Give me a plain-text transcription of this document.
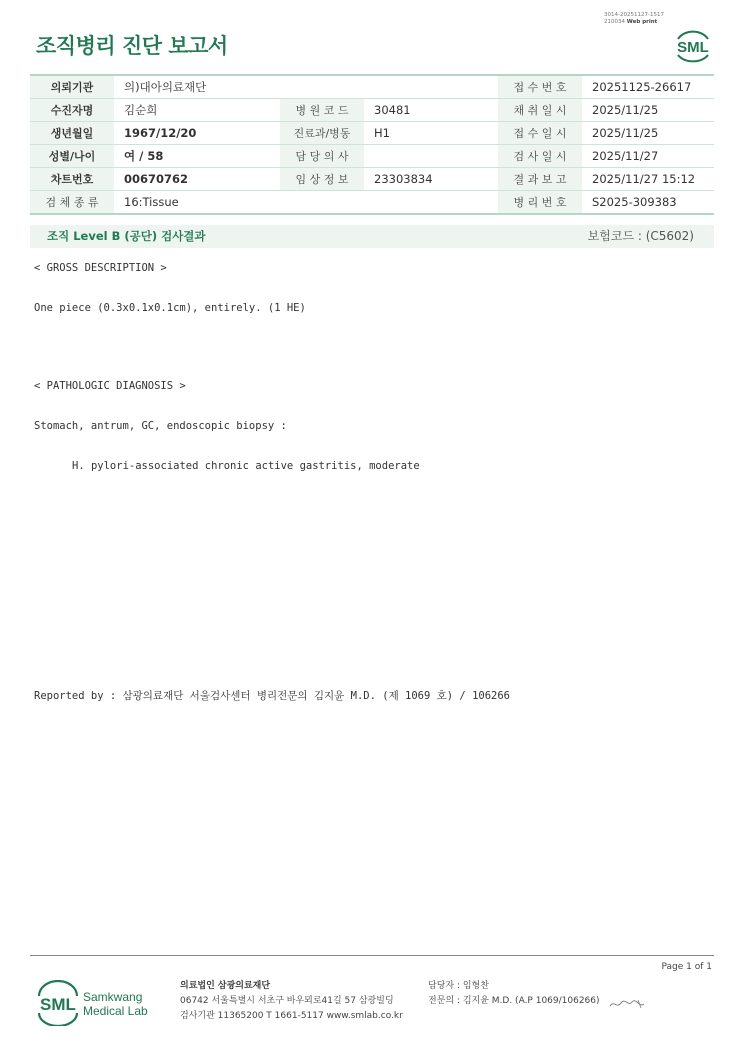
조직병리 진단 보고서
3014-20251127-1517
210034 Web print
SML
의뢰기관	의)대아의료재단			접 수 번 호	20251125-26617
수진자명	김순희	병 원 코 드	30481	채 취 일 시	2025/11/25
생년월일	1967/12/20	진료과/병동	H1	접 수 일 시	2025/11/25
성별/나이	여 / 58	담 당 의 사		검 사 일 시	2025/11/27
차트번호	00670762	임 상 정 보	23303834	결 과 보 고	2025/11/27 15:12
검 체 종 류	16:Tissue			병 리 번 호	S2025-309383
조직 Level B (공단) 검사결과	보험코드 : (C5602)
< GROSS DESCRIPTION >
One piece (0.3x0.1x0.1cm), entirely. (1 HE)
< PATHOLOGIC DIAGNOSIS >
Stomach, antrum, GC, endoscopic biopsy :
H. pylori-associated chronic active gastritis, moderate
Reported by : 삼광의료재단 서울검사센터 병리전문의 김지윤 M.D. (제 1069 호) / 106266
Page 1 of 1
SML Samkwang
Medical Lab
의료법인 삼광의료재단
06742 서울특별시 서초구 바우뫼로41길 57 삼광빌딩
검사기관 11365200 T 1661-5117 www.smlab.co.kr
담당자 : 임형찬
전문의 : 김지윤 M.D. (A.P 1069/106266)
